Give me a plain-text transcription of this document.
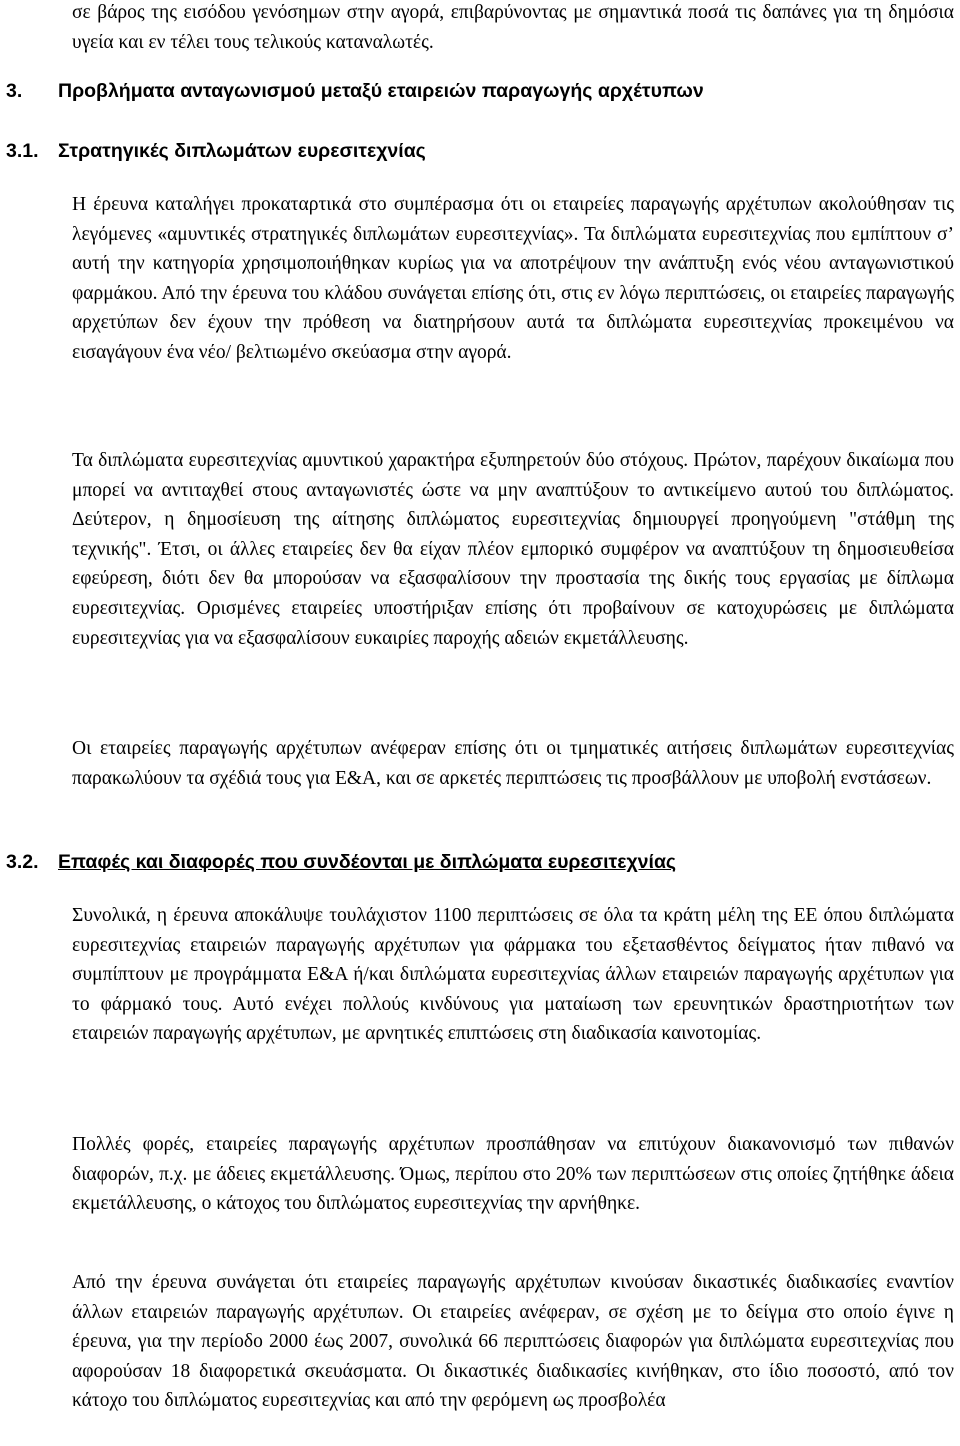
σε βάρος της εισόδου γενόσημων στην αγορά, επιβαρύνοντας με σημαντικά ποσά τις δαπάνες για τη δημόσια υγεία και εν τέλει τους τελικούς καταναλωτές.

3. Προβλήματα ανταγωνισμού μεταξύ εταιρειών παραγωγής αρχέτυπων
3.1. Στρατηγικές διπλωμάτων ευρεσιτεχνίας

Η έρευνα καταλήγει προκαταρτικά στο συμπέρασμα ότι οι εταιρείες παραγωγής αρχέτυπων ακολούθησαν τις λεγόμενες «αμυντικές στρατηγικές διπλωμάτων ευρεσιτεχνίας». Τα διπλώματα ευρεσιτεχνίας που εμπίπτουν σ’ αυτή την κατηγορία χρησιμοποιήθηκαν κυρίως για να αποτρέψουν την ανάπτυξη ενός νέου ανταγωνιστικού φαρμάκου. Από την έρευνα του κλάδου συνάγεται επίσης ότι, στις εν λόγω περιπτώσεις, οι εταιρείες παραγωγής αρχετύπων δεν έχουν την πρόθεση να διατηρήσουν αυτά τα διπλώματα ευρεσιτεχνίας προκειμένου να εισαγάγουν ένα νέο/ βελτιωμένο σκεύασμα στην αγορά.

Τα διπλώματα ευρεσιτεχνίας αμυντικού χαρακτήρα εξυπηρετούν δύο στόχους. Πρώτον, παρέχουν δικαίωμα που μπορεί να αντιταχθεί στους ανταγωνιστές ώστε να μην αναπτύξουν το αντικείμενο αυτού του διπλώματος. Δεύτερον, η δημοσίευση της αίτησης διπλώματος ευρεσιτεχνίας δημιουργεί προηγούμενη "στάθμη της τεχνικής". Έτσι, οι άλλες εταιρείες δεν θα είχαν πλέον εμπορικό συμφέρον να αναπτύξουν τη δημοσιευθείσα εφεύρεση, διότι δεν θα μπορούσαν να εξασφαλίσουν την προστασία της δικής τους εργασίας με δίπλωμα ευρεσιτεχνίας. Ορισμένες εταιρείες υποστήριξαν επίσης ότι προβαίνουν σε κατοχυρώσεις με διπλώματα ευρεσιτεχνίας για να εξασφαλίσουν ευκαιρίες παροχής αδειών εκμετάλλευσης.

Οι εταιρείες παραγωγής αρχέτυπων ανέφεραν επίσης ότι οι τμηματικές αιτήσεις διπλωμάτων ευρεσιτεχνίας παρακωλύουν τα σχέδιά τους για Ε&Α, και σε αρκετές περιπτώσεις τις προσβάλλουν με υποβολή ενστάσεων.

3.2. Επαφές και διαφορές που συνδέονται με διπλώματα ευρεσιτεχνίας

Συνολικά, η έρευνα αποκάλυψε τουλάχιστον 1100 περιπτώσεις σε όλα τα κράτη μέλη της ΕΕ όπου διπλώματα ευρεσιτεχνίας εταιρειών παραγωγής αρχέτυπων για φάρμακα του εξετασθέντος δείγματος ήταν πιθανό να συμπίπτουν με προγράμματα Ε&Α ή/και διπλώματα ευρεσιτεχνίας άλλων εταιρειών παραγωγής αρχέτυπων για το φάρμακό τους. Αυτό ενέχει πολλούς κινδύνους για ματαίωση των ερευνητικών δραστηριοτήτων των εταιρειών παραγωγής αρχέτυπων, με αρνητικές επιπτώσεις στη διαδικασία καινοτομίας.

Πολλές φορές, εταιρείες παραγωγής αρχέτυπων προσπάθησαν να επιτύχουν διακανονισμό των πιθανών διαφορών, π.χ. με άδειες εκμετάλλευσης. Όμως, περίπου στο 20% των περιπτώσεων στις οποίες ζητήθηκε άδεια εκμετάλλευσης, ο κάτοχος του διπλώματος ευρεσιτεχνίας την αρνήθηκε.

Από την έρευνα συνάγεται ότι εταιρείες παραγωγής αρχέτυπων κινούσαν δικαστικές διαδικασίες εναντίον άλλων εταιρειών παραγωγής αρχέτυπων. Οι εταιρείες ανέφεραν, σε σχέση με το δείγμα στο οποίο έγινε η έρευνα, για την περίοδο 2000 έως 2007, συνολικά 66 περιπτώσεις διαφορών για διπλώματα ευρεσιτεχνίας που αφορούσαν 18 διαφορετικά σκευάσματα. Οι δικαστικές διαδικασίες κινήθηκαν, στο ίδιο ποσοστό, από τον κάτοχο του διπλώματος ευρεσιτεχνίας και από την φερόμενη ως προσβολέα
